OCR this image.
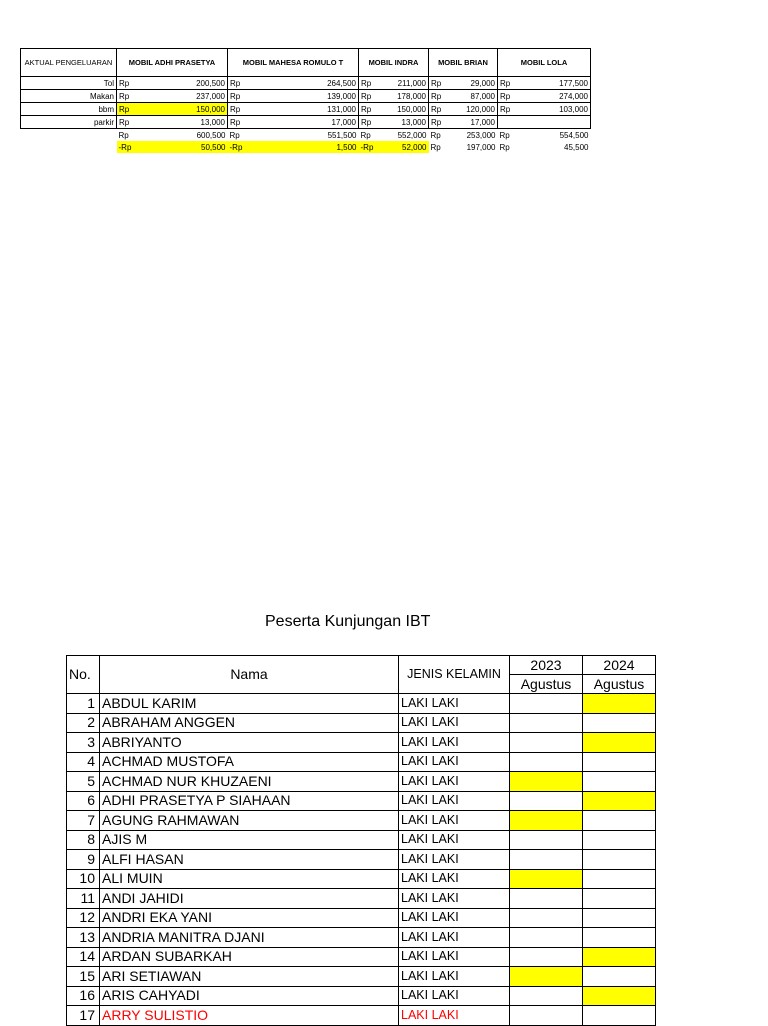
AKTUAL PENGELUARAN	MOBIL ADHI PRASETYA		MOBIL MAHESA ROMULO T		MOBIL INDRA		MOBIL BRIAN		MOBIL LOLA	
Tol	Rp	200,500	Rp	264,500	Rp	211,000	Rp	29,000	Rp	177,500
Makan	Rp	237,000	Rp	139,000	Rp	178,000	Rp	87,000	Rp	274,000
bbm	Rp	150,000	Rp	131,000	Rp	150,000	Rp	120,000	Rp	103,000
parkir	Rp	13,000	Rp	17,000	Rp	13,000	Rp	17,000		
	Rp	600,500	Rp	551,500	Rp	552,000	Rp	253,000	Rp	554,500
	-Rp	50,500	-Rp	1,500	-Rp	52,000	Rp	197,000	Rp	45,500
Peserta Kunjungan IBT
No.	Nama	JENIS KELAMIN	2023	2024
			Agustus	Agustus
1	ABDUL KARIM	LAKI LAKI		
2	ABRAHAM ANGGEN	LAKI LAKI		
3	ABRIYANTO	LAKI LAKI		
4	ACHMAD MUSTOFA	LAKI LAKI		
5	ACHMAD NUR KHUZAENI	LAKI LAKI		
6	ADHI PRASETYA P SIAHAAN	LAKI LAKI		
7	AGUNG RAHMAWAN	LAKI LAKI		
8	AJIS M	LAKI LAKI		
9	ALFI HASAN	LAKI LAKI		
10	ALI MUIN	LAKI LAKI		
11	ANDI JAHIDI	LAKI LAKI		
12	ANDRI EKA YANI	LAKI LAKI		
13	ANDRIA MANITRA DJANI	LAKI LAKI		
14	ARDAN SUBARKAH	LAKI LAKI		
15	ARI SETIAWAN	LAKI LAKI		
16	ARIS CAHYADI	LAKI LAKI		
17	ARRY SULISTIO	LAKI LAKI		
